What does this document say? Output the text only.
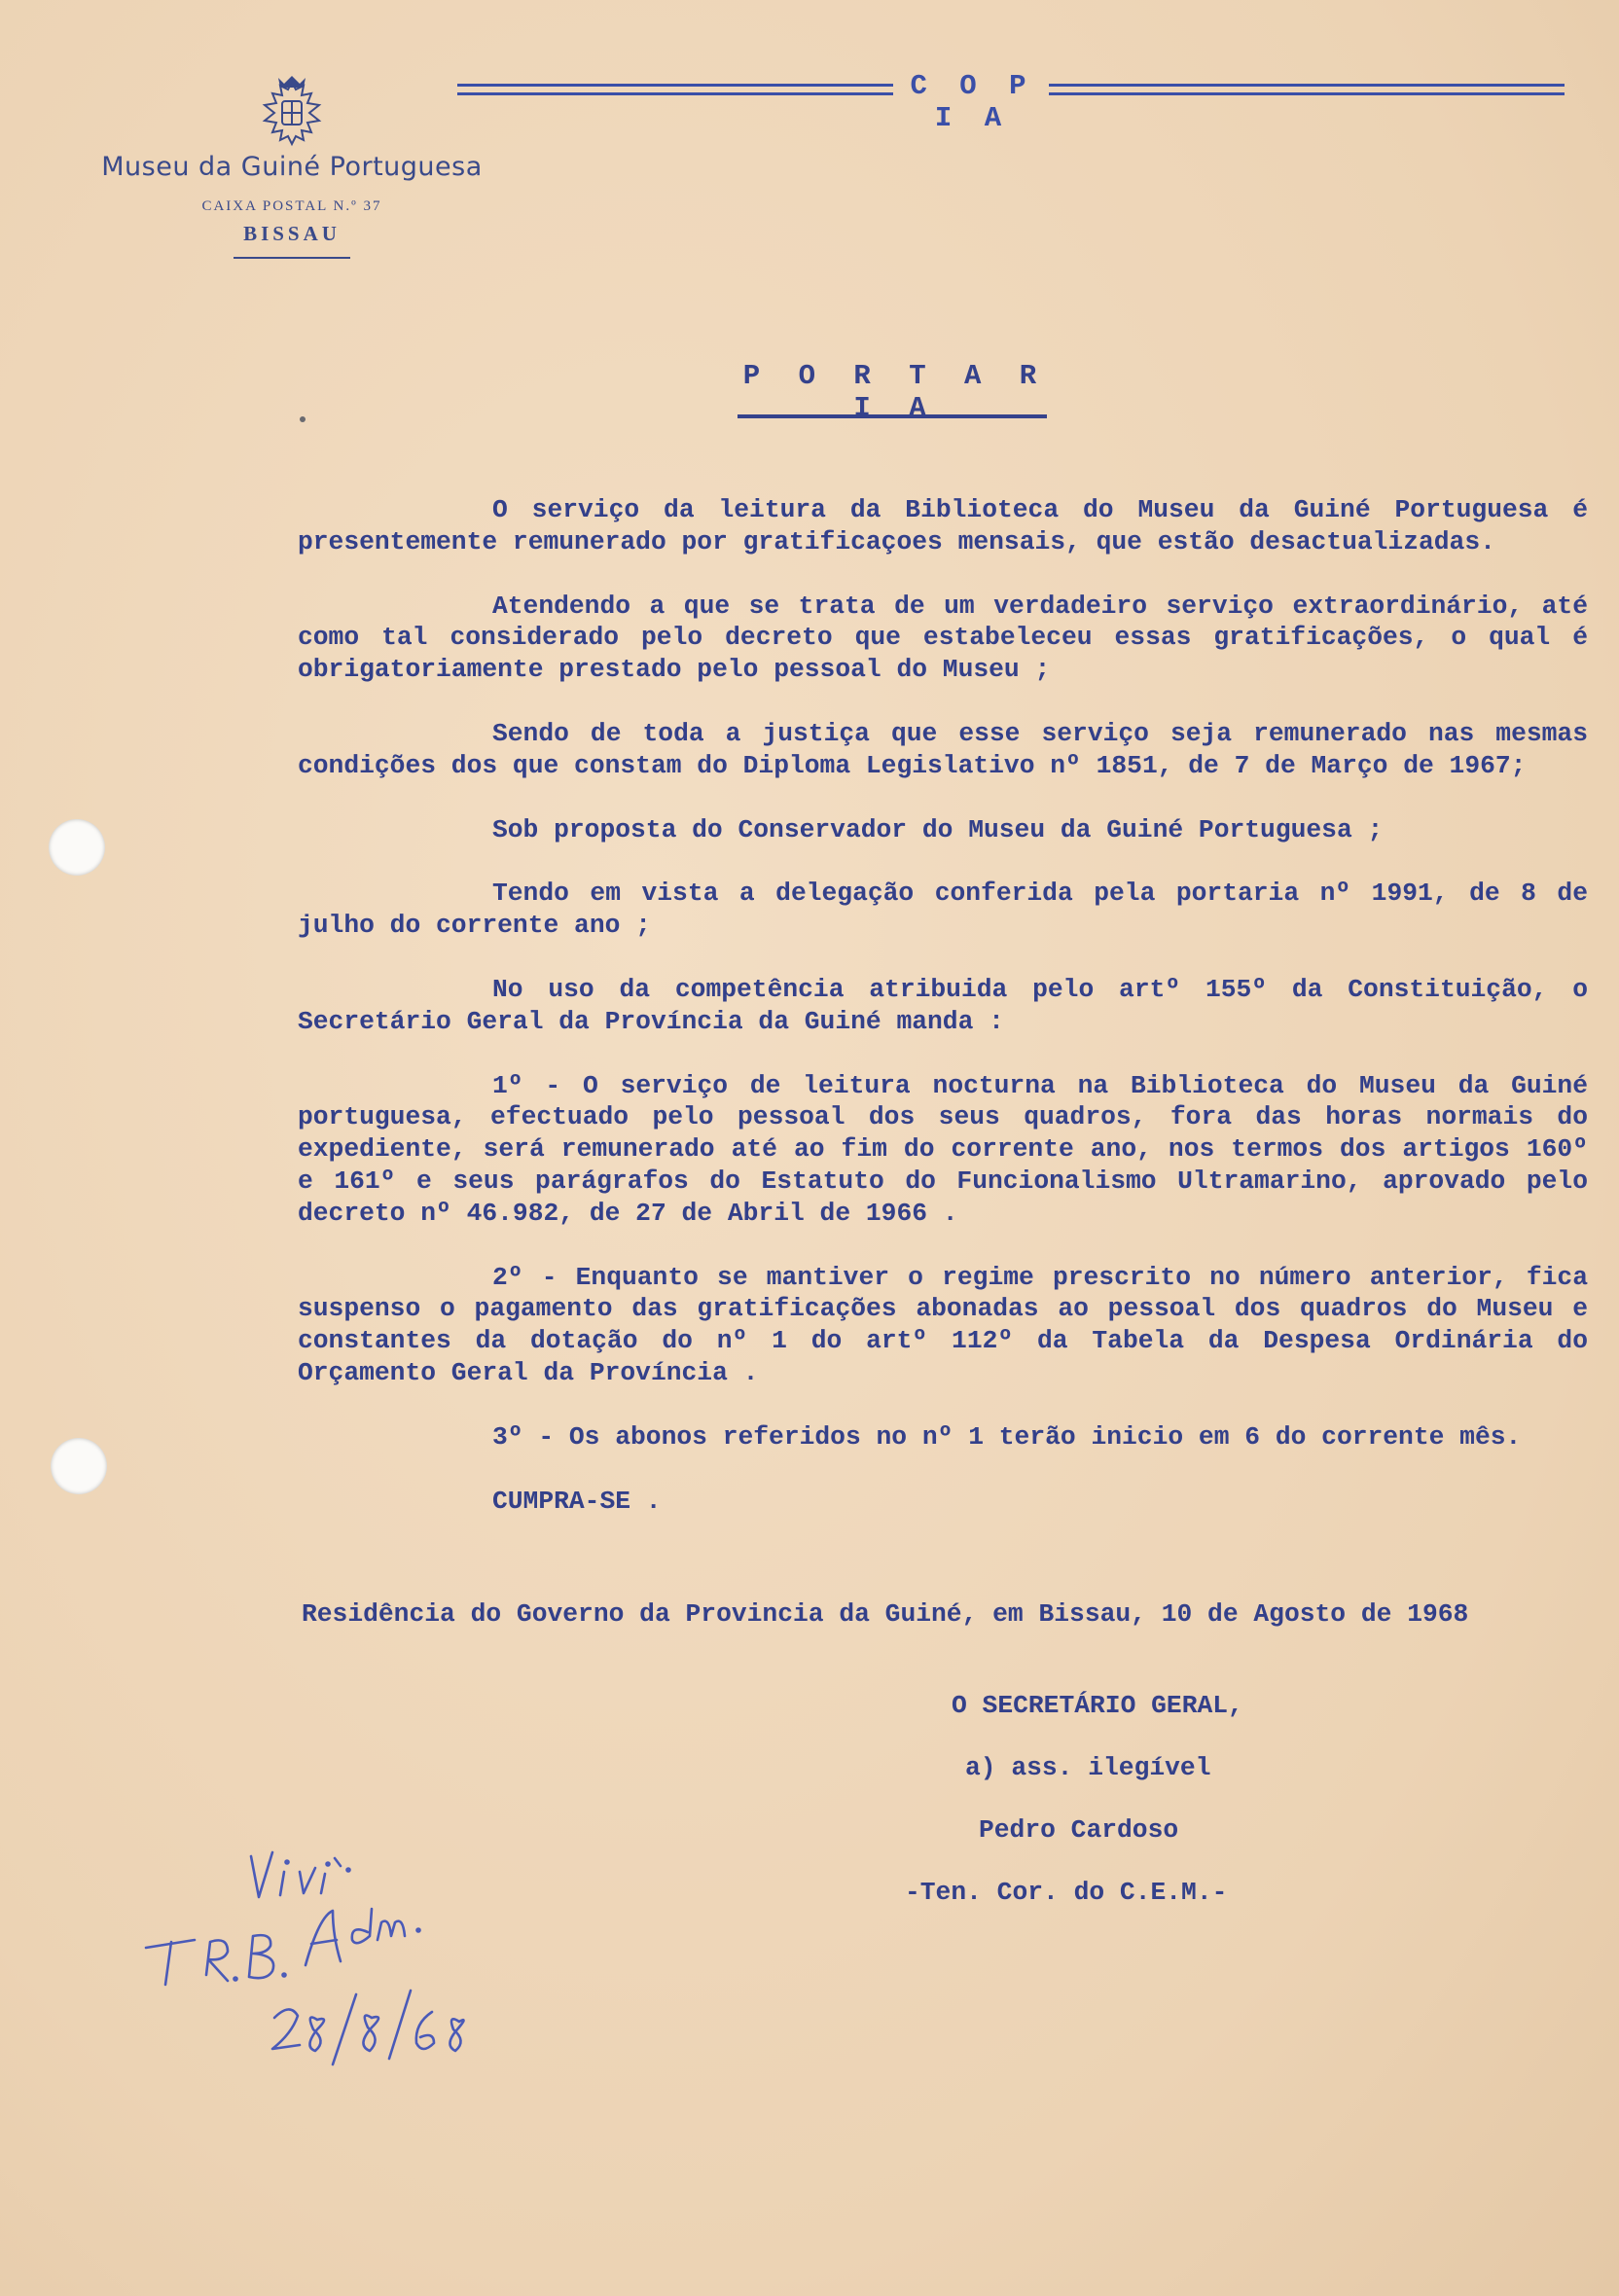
Museu da Guiné Portuguesa
CAIXA POSTAL N.º 37
BISSAU
C O P I A
P O R T A R I A

O serviço da leitura da Biblioteca do Museu da Guiné Portuguesa é presentemente remunerado por gratificaçoes mensais, que estão desactualizadas.

Atendendo a que se trata de um verdadeiro serviço extraordinário, até como tal considerado pelo decreto que estabeleceu essas gratificações, o qual é obrigatoriamente prestado pelo pessoal do Museu ;

Sendo de toda a justiça que esse serviço seja remunerado nas mesmas condições dos que constam do Diploma Legislativo nº 1851, de 7 de Março de 1967;

Sob proposta do Conservador do Museu da Guiné Portuguesa ;

Tendo em vista a delegação conferida pela portaria nº 1991, de 8 de julho do corrente ano ;

No uso da competência atribuida pelo artº 155º da Constituição, o Secretário Geral da Província da Guiné manda :

1º - O serviço de leitura nocturna na Biblioteca do Museu da Guiné portuguesa, efectuado pelo pessoal dos seus quadros, fora das horas normais do expediente, será remunerado até ao fim do corrente ano, nos termos dos artigos 160º e 161º e seus parágrafos do Estatuto do Funcionalismo Ultramarino, aprovado pelo decreto nº 46.982, de 27 de Abril de 1966 .

2º - Enquanto se mantiver o regime prescrito no número anterior, fica suspenso o pagamento das gratificações abonadas ao pessoal dos quadros do Museu e constantes da dotação do nº 1 do artº 112º da Tabela da Despesa Ordinária do Orçamento Geral da Província .

3º - Os abonos referidos no nº 1 terão inicio em 6 do corrente mês.

CUMPRA-SE .

Residência do Governo da Provincia da Guiné, em Bissau, 10 de Agosto de 1968
O SECRETÁRIO GERAL,
a) ass. ilegível
Pedro Cardoso
-Ten. Cor. do C.E.M.-
